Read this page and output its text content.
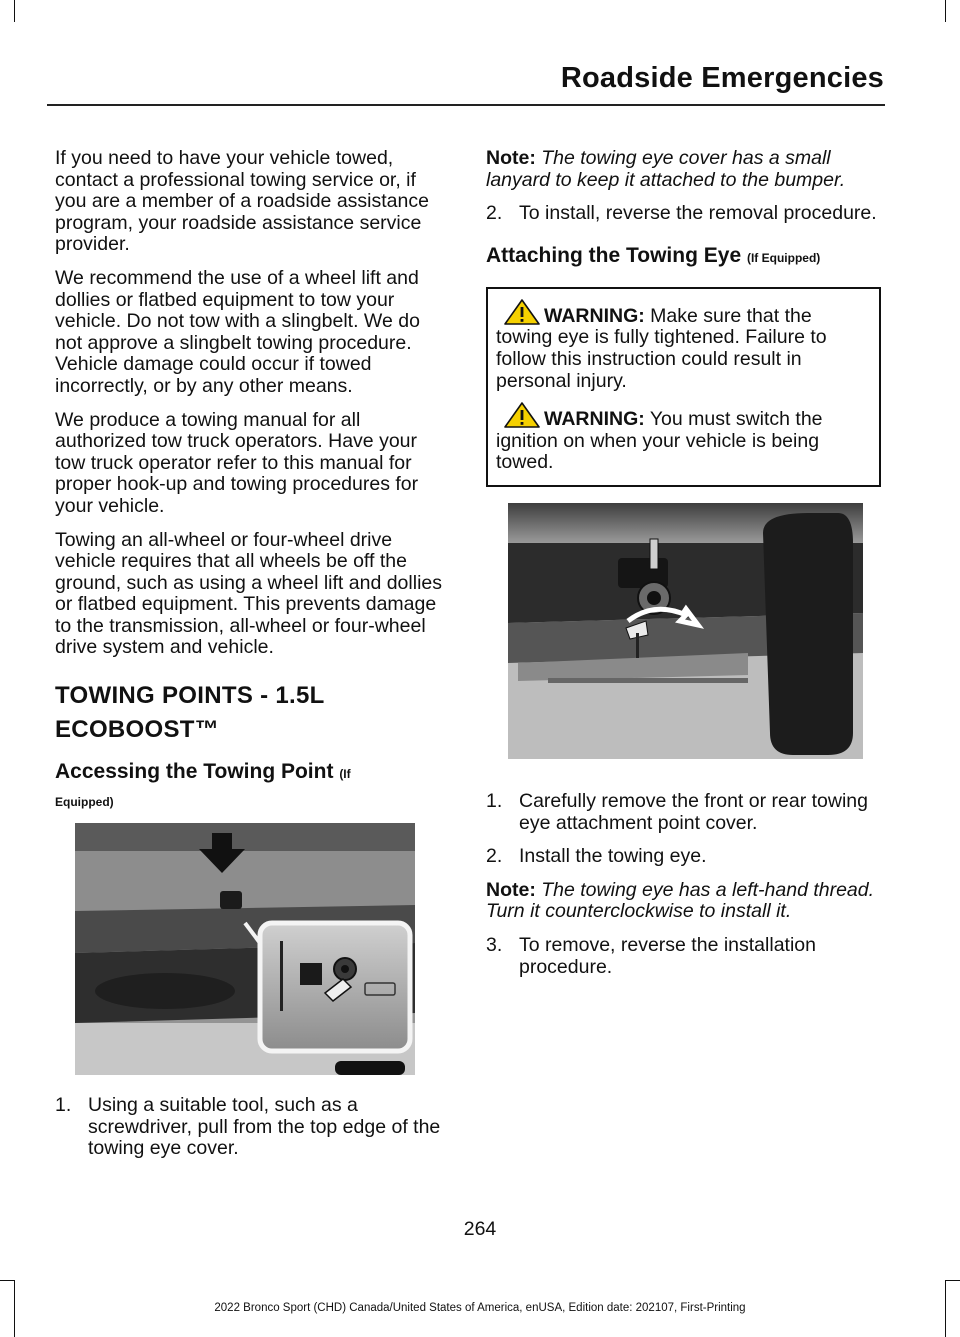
Roadside Emergencies

If you need to have your vehicle towed, contact a professional towing service or, if you are a member of a roadside assistance program, your roadside assistance service provider.

We recommend the use of a wheel lift and dollies or flatbed equipment to tow your vehicle. Do not tow with a slingbelt. We do not approve a slingbelt towing procedure. Vehicle damage could occur if towed incorrectly, or by any other means.

We produce a towing manual for all authorized tow truck operators. Have your tow truck operator refer to this manual for proper hook-up and towing procedures for your vehicle.

Towing an all-wheel or four-wheel drive vehicle requires that all wheels be off the ground, such as using a wheel lift and dollies or flatbed equipment. This prevents damage to the transmission, all-wheel or four-wheel drive system and vehicle.

TOWING POINTS - 1.5L
ECOBOOST™
Accessing the Towing Point (If
Equipped)
1. Using a suitable tool, such as a screwdriver, pull from the top edge of the towing eye cover.

Note: The towing eye cover has a small lanyard to keep it attached to the bumper.

2. To install, reverse the removal procedure.
Attaching the Towing Eye (If Equipped)
WARNING: Make sure that the towing eye is fully tightened. Failure to follow this instruction could result in personal injury.
WARNING: You must switch the ignition on when your vehicle is being towed.
1. Carefully remove the front or rear towing eye attachment point cover.
2. Install the towing eye.

Note: The towing eye has a left-hand thread. Turn it counterclockwise to install it.

3. To remove, reverse the installation procedure.
264
2022 Bronco Sport (CHD) Canada/United States of America, enUSA, Edition date: 202107, First-Printing
